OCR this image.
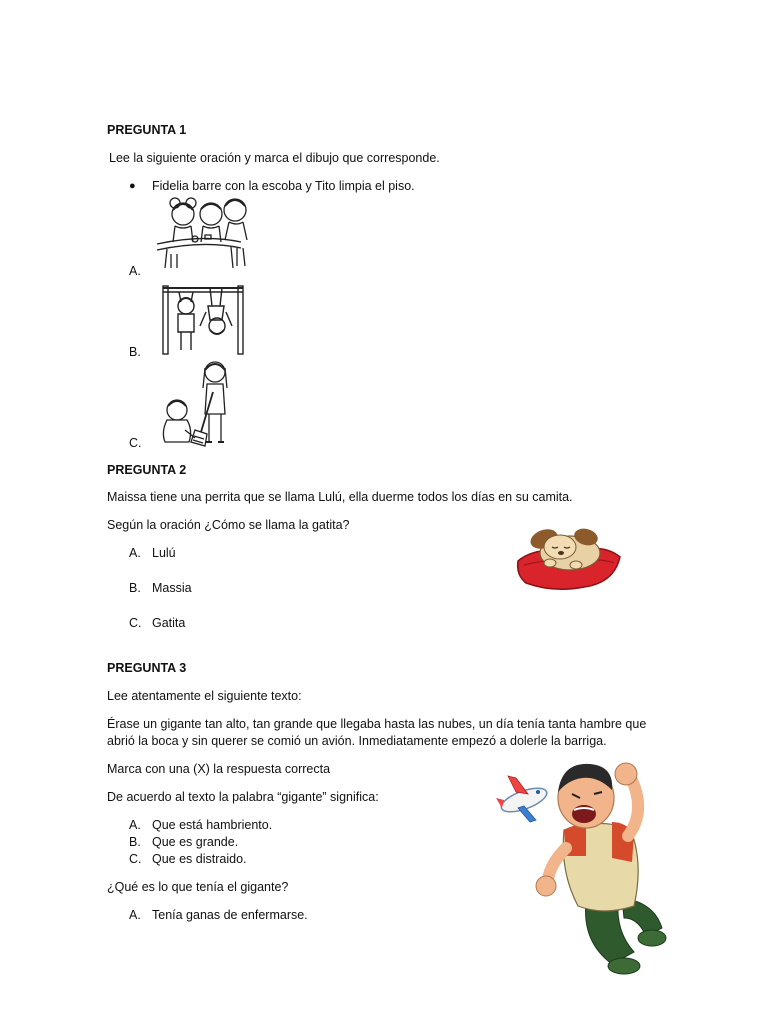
PREGUNTA 1
Lee la siguiente oración y marca el dibujo que corresponde.
● Fidelia barre con la escoba y Tito limpia el piso.
A.
B.
C.
PREGUNTA 2
Maissa tiene una perrita que se llama Lulú, ella duerme todos los días en su camita.
Según la oración ¿Cómo se llama la gatita?
A. Lulú
B. Massia
C. Gatita
PREGUNTA 3
Lee atentamente el siguiente texto:
Érase un gigante tan alto, tan grande que llegaba hasta las nubes, un día tenía tanta hambre que
abrió la boca y sin querer se comió un avión. Inmediatamente empezó a dolerle la barriga.
Marca con una (X) la respuesta correcta
De acuerdo al texto la palabra “gigante” significa:
A. Que está hambriento.
B. Que es grande.
C. Que es distraido.
¿Qué es lo que tenía el gigante?
A. Tenía ganas de enfermarse.
